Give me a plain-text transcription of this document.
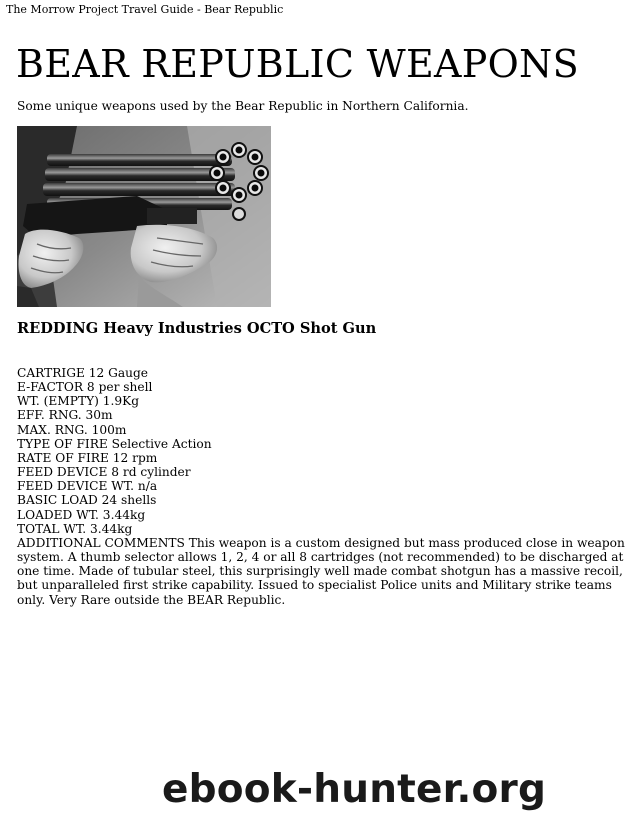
The Morrow Project Travel Guide - Bear Republic
BEAR REPUBLIC WEAPONS
Some unique weapons used by the Bear Republic in Northern California.
REDDING Heavy Industries OCTO Shot Gun
CARTRIGE 12 Gauge
E-FACTOR 8 per shell
WT. (EMPTY) 1.9Kg
EFF. RNG. 30m
MAX. RNG. 100m
TYPE OF FIRE Selective Action
RATE OF FIRE 12 rpm
FEED DEVICE 8 rd cylinder
FEED DEVICE WT. n/a
BASIC LOAD 24 shells
LOADED WT. 3.44kg
TOTAL WT. 3.44kg
ADDITIONAL COMMENTS This weapon is a custom designed but mass produced close in weapon system. A thumb selector allows 1, 2, 4 or all 8 cartridges (not recommended) to be discharged at one time. Made of tubular steel, this surprisingly well made combat shotgun has a massive recoil, but unparalleled first strike capability. Issued to specialist Police units and Military strike teams only. Very Rare outside the BEAR Republic.
ebook-hunter.org
